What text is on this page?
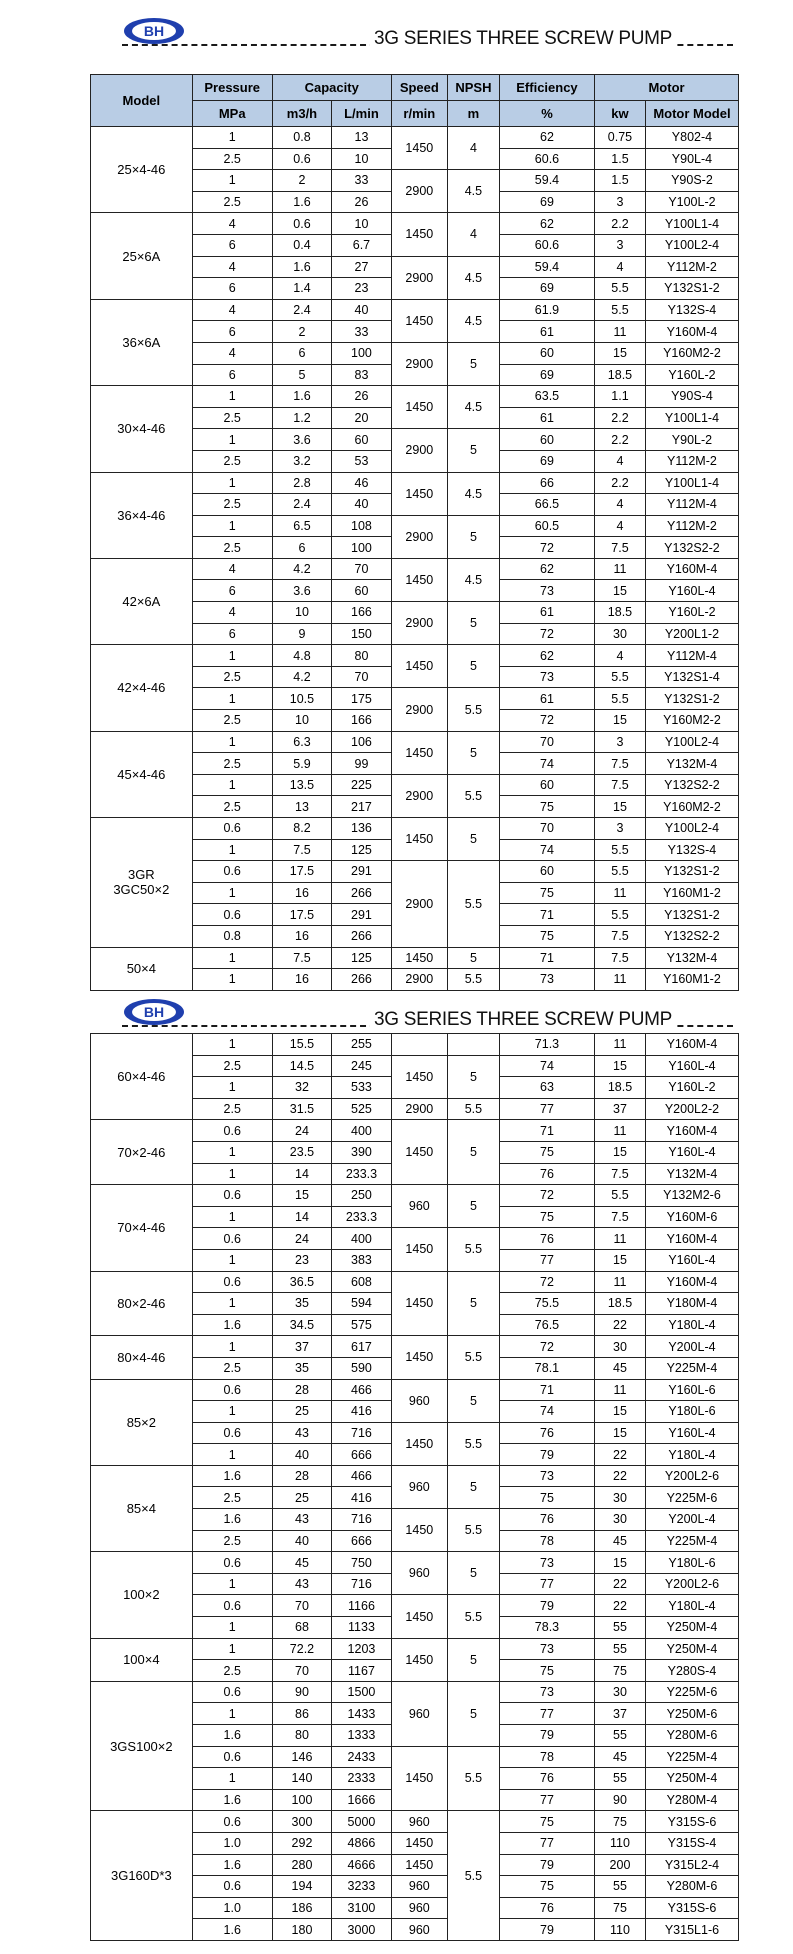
BH	3G SERIES THREE SCREW PUMP
Model	Pressure	Capacity		Speed	NPSH	Efficiency	Motor	
	MPa	m3/h	L/min	r/min	m	%	kw	Motor Model
25×4-46	1	0.8	13	1450	4	62	0.75	Y802-4
	2.5	0.6	10			60.6	1.5	Y90L-4
	1	2	33	2900	4.5	59.4	1.5	Y90S-2
	2.5	1.6	26			69	3	Y100L-2
25×6A	4	0.6	10	1450	4	62	2.2	Y100L1-4
	6	0.4	6.7			60.6	3	Y100L2-4
	4	1.6	27	2900	4.5	59.4	4	Y112M-2
	6	1.4	23			69	5.5	Y132S1-2
36×6A	4	2.4	40	1450	4.5	61.9	5.5	Y132S-4
	6	2	33			61	11	Y160M-4
	4	6	100	2900	5	60	15	Y160M2-2
	6	5	83			69	18.5	Y160L-2
30×4-46	1	1.6	26	1450	4.5	63.5	1.1	Y90S-4
	2.5	1.2	20			61	2.2	Y100L1-4
	1	3.6	60	2900	5	60	2.2	Y90L-2
	2.5	3.2	53			69	4	Y112M-2
36×4-46	1	2.8	46	1450	4.5	66	2.2	Y100L1-4
	2.5	2.4	40			66.5	4	Y112M-4
	1	6.5	108	2900	5	60.5	4	Y112M-2
	2.5	6	100			72	7.5	Y132S2-2
42×6A	4	4.2	70	1450	4.5	62	11	Y160M-4
	6	3.6	60			73	15	Y160L-4
	4	10	166	2900	5	61	18.5	Y160L-2
	6	9	150			72	30	Y200L1-2
42×4-46	1	4.8	80	1450	5	62	4	Y112M-4
	2.5	4.2	70			73	5.5	Y132S1-4
	1	10.5	175	2900	5.5	61	5.5	Y132S1-2
	2.5	10	166			72	15	Y160M2-2
45×4-46	1	6.3	106	1450	5	70	3	Y100L2-4
	2.5	5.9	99			74	7.5	Y132M-4
	1	13.5	225	2900	5.5	60	7.5	Y132S2-2
	2.5	13	217			75	15	Y160M2-2
3GR
3GC50×2	0.6	8.2	136	1450	5	70	3	Y100L2-4
	1	7.5	125			74	5.5	Y132S-4
	0.6	17.5	291	2900	5.5	60	5.5	Y132S1-2
	1	16	266			75	11	Y160M1-2
	0.6	17.5	291			71	5.5	Y132S1-2
	0.8	16	266			75	7.5	Y132S2-2
50×4	1	7.5	125	1450	5	71	7.5	Y132M-4
	1	16	266	2900	5.5	73	11	Y160M1-2
BH	3G SERIES THREE SCREW PUMP
60×4-46	1	15.5	255			71.3	11	Y160M-4
	2.5	14.5	245	1450	5	74	15	Y160L-4
	1	32	533			63	18.5	Y160L-2
	2.5	31.5	525	2900	5.5	77	37	Y200L2-2
70×2-46	0.6	24	400	1450	5	71	11	Y160M-4
	1	23.5	390			75	15	Y160L-4
	1	14	233.3			76	7.5	Y132M-4
70×4-46	0.6	15	250	960	5	72	5.5	Y132M2-6
	1	14	233.3			75	7.5	Y160M-6
	0.6	24	400	1450	5.5	76	11	Y160M-4
	1	23	383			77	15	Y160L-4
80×2-46	0.6	36.5	608	1450	5	72	11	Y160M-4
	1	35	594			75.5	18.5	Y180M-4
	1.6	34.5	575			76.5	22	Y180L-4
80×4-46	1	37	617	1450	5.5	72	30	Y200L-4
	2.5	35	590			78.1	45	Y225M-4
85×2	0.6	28	466	960	5	71	11	Y160L-6
	1	25	416			74	15	Y180L-6
	0.6	43	716	1450	5.5	76	15	Y160L-4
	1	40	666			79	22	Y180L-4
85×4	1.6	28	466	960	5	73	22	Y200L2-6
	2.5	25	416			75	30	Y225M-6
	1.6	43	716	1450	5.5	76	30	Y200L-4
	2.5	40	666			78	45	Y225M-4
100×2	0.6	45	750	960	5	73	15	Y180L-6
	1	43	716			77	22	Y200L2-6
	0.6	70	1166	1450	5.5	79	22	Y180L-4
	1	68	1133			78.3	55	Y250M-4
100×4	1	72.2	1203	1450	5	73	55	Y250M-4
	2.5	70	1167			75	75	Y280S-4
3GS100×2	0.6	90	1500	960	5	73	30	Y225M-6
	1	86	1433			77	37	Y250M-6
	1.6	80	1333			79	55	Y280M-6
	0.6	146	2433	1450	5.5	78	45	Y225M-4
	1	140	2333			76	55	Y250M-4
	1.6	100	1666			77	90	Y280M-4
3G160D*3	0.6	300	5000	960	5.5	75	75	Y315S-6
	1.0	292	4866	1450		77	110	Y315S-4
	1.6	280	4666	1450		79	200	Y315L2-4
	0.6	194	3233	960		75	55	Y280M-6
	1.0	186	3100	960		76	75	Y315S-6
	1.6	180	3000	960		79	110	Y315L1-6
